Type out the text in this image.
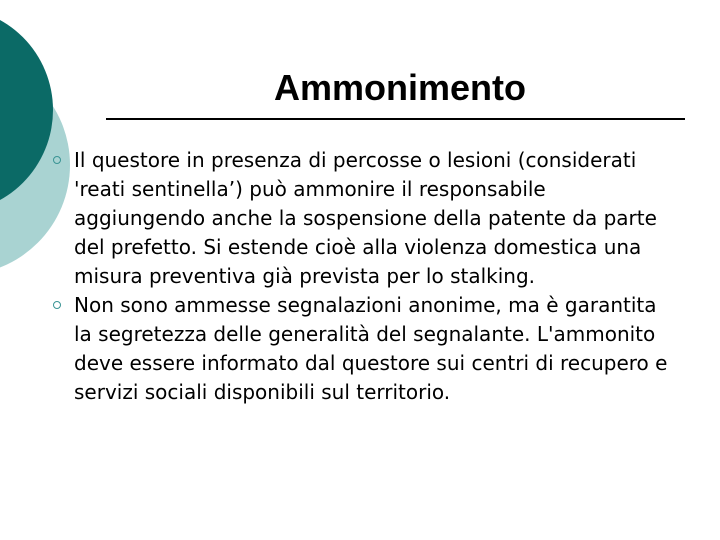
Ammonimento
Il questore in presenza di percosse o lesioni (considerati 'reati sentinella’) può ammonire il responsabile aggiungendo anche la sospensione della patente da parte del prefetto. Si estende cioè alla violenza domestica una misura preventiva già prevista per lo stalking.
Non sono ammesse segnalazioni anonime, ma è garantita la segretezza delle generalità del segnalante. L'ammonito deve essere informato dal questore sui centri di recupero e servizi sociali disponibili sul territorio.
